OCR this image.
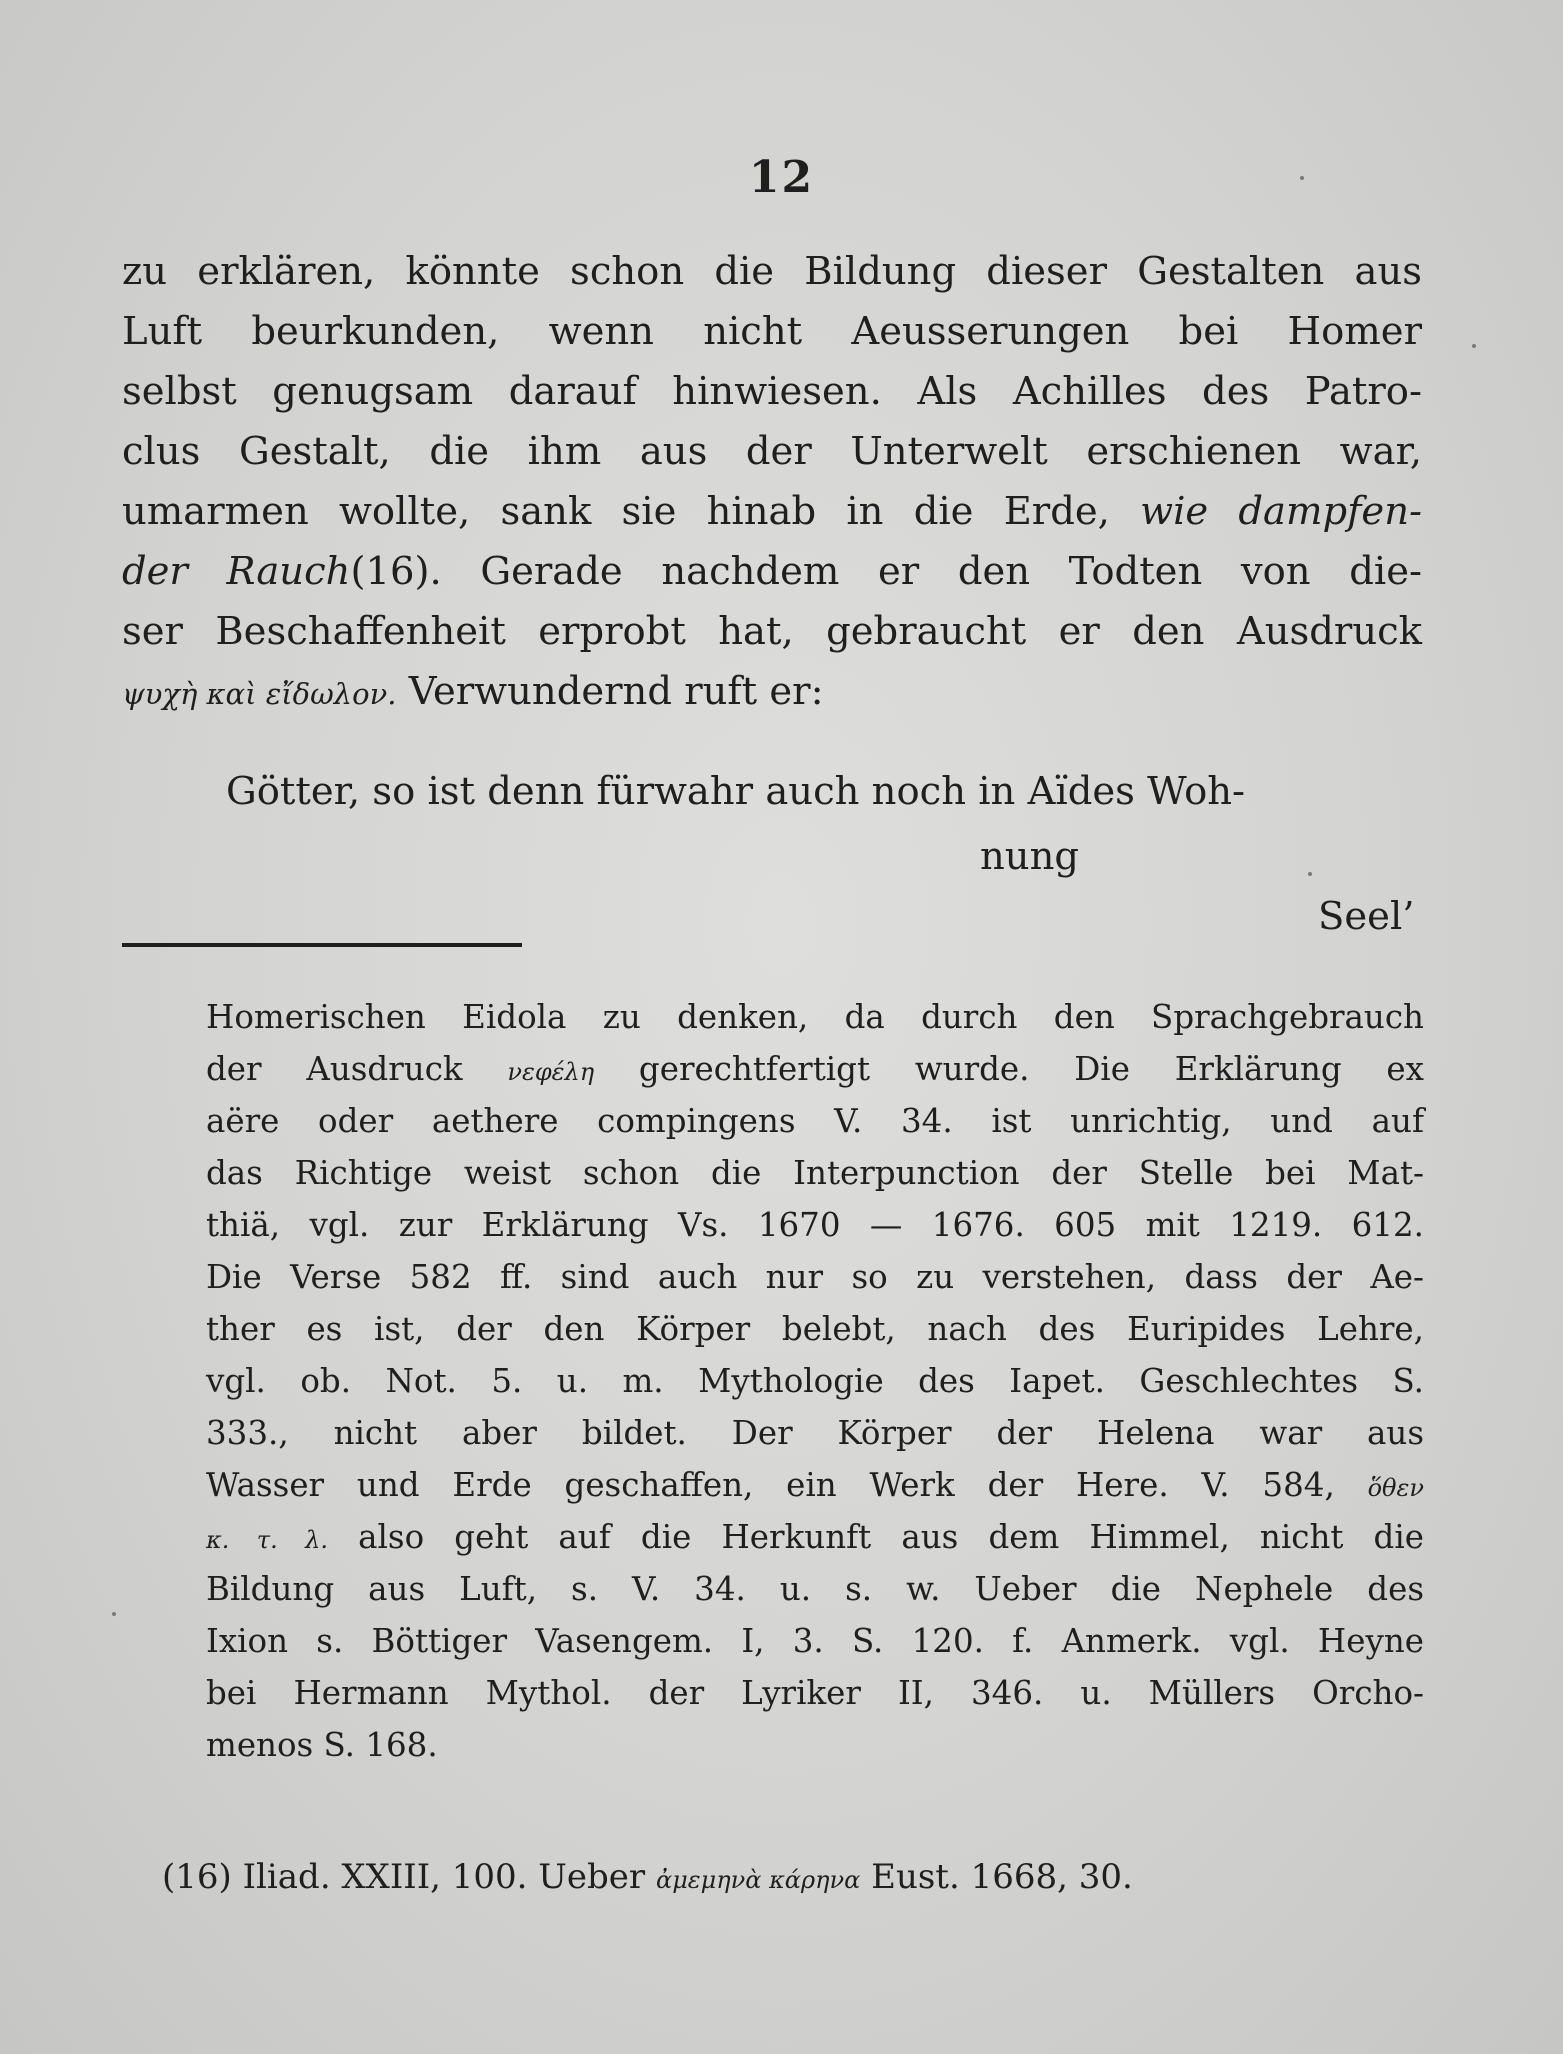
12
zu erklären, könnte schon die Bildung dieser Gestalten aus
Luft beurkunden, wenn nicht Aeusserungen bei Homer
selbst genugsam darauf hinwiesen. Als Achilles des Patro-
clus Gestalt, die ihm aus der Unterwelt erschienen war,
umarmen wollte, sank sie hinab in die Erde, wie dampfen-
der Rauch(16). Gerade nachdem er den Todten von die-
ser Beschaffenheit erprobt hat, gebraucht er den Ausdruck
ψυχὴ καὶ εἴδωλον. Verwundernd ruft er:
Götter, so ist denn fürwahr auch noch in Aïdes Woh-
nung
Seel’
Homerischen Eidola zu denken, da durch den Sprachgebrauch
der Ausdruck νεφέλη gerechtfertigt wurde. Die Erklärung ex
aëre oder aethere compingens V. 34. ist unrichtig, und auf
das Richtige weist schon die Interpunction der Stelle bei Mat-
thiä, vgl. zur Erklärung Vs. 1670 — 1676. 605 mit 1219. 612.
Die Verse 582 ff. sind auch nur so zu verstehen, dass der Ae-
ther es ist, der den Körper belebt, nach des Euripides Lehre,
vgl. ob. Not. 5. u. m. Mythologie des Iapet. Geschlechtes S.
333., nicht aber bildet. Der Körper der Helena war aus
Wasser und Erde geschaffen, ein Werk der Here. V. 584, ὅθεν
κ. τ. λ. also geht auf die Herkunft aus dem Himmel, nicht die
Bildung aus Luft, s. V. 34. u. s. w. Ueber die Nephele des
Ixion s. Böttiger Vasengem. I, 3. S. 120. f. Anmerk. vgl. Heyne
bei Hermann Mythol. der Lyriker II, 346. u. Müllers Orcho-
menos S. 168.
(16) Iliad. XXIII, 100. Ueber ἀμεμηνὰ κάρηνα Eust. 1668, 30.
